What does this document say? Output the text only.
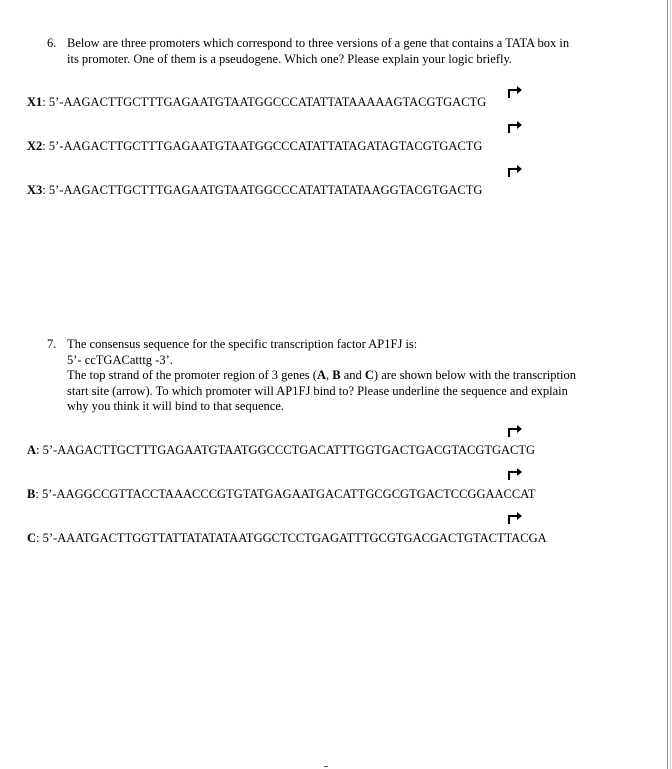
6. Below are three promoters which correspond to three versions of a gene that contains a TATA box in
its promoter. One of them is a pseudogene. Which one? Please explain your logic briefly.
X1: 5’-AAGACTTGCTTTGAGAATGTAATGGCCCATATTATAAAAAGTACGTGACTG
X2: 5’-AAGACTTGCTTTGAGAATGTAATGGCCCATATTATAGATAGTACGTGACTG
X3: 5’-AAGACTTGCTTTGAGAATGTAATGGCCCATATTATATAAGGTACGTGACTG
7. The consensus sequence for the specific transcription factor AP1FJ is:
5’- ccTGACatttg -3’.
The top strand of the promoter region of 3 genes (A, B and C) are shown below with the transcription
start site (arrow). To which promoter will AP1FJ bind to? Please underline the sequence and explain
why you think it will bind to that sequence.
A: 5’-AAGACTTGCTTTGAGAATGTAATGGCCCTGACATTTGGTGACTGACGTACGTGACTG
B: 5’-AAGGCCGTTACCTAAACCCGTGTATGAGAATGACATTGCGCGTGACTCCGGAACCAT
C: 5’-AAATGACTTGGTTATTATATATAATGGCTCCTGAGATTTGCGTGACGACTGTACTTACGA
